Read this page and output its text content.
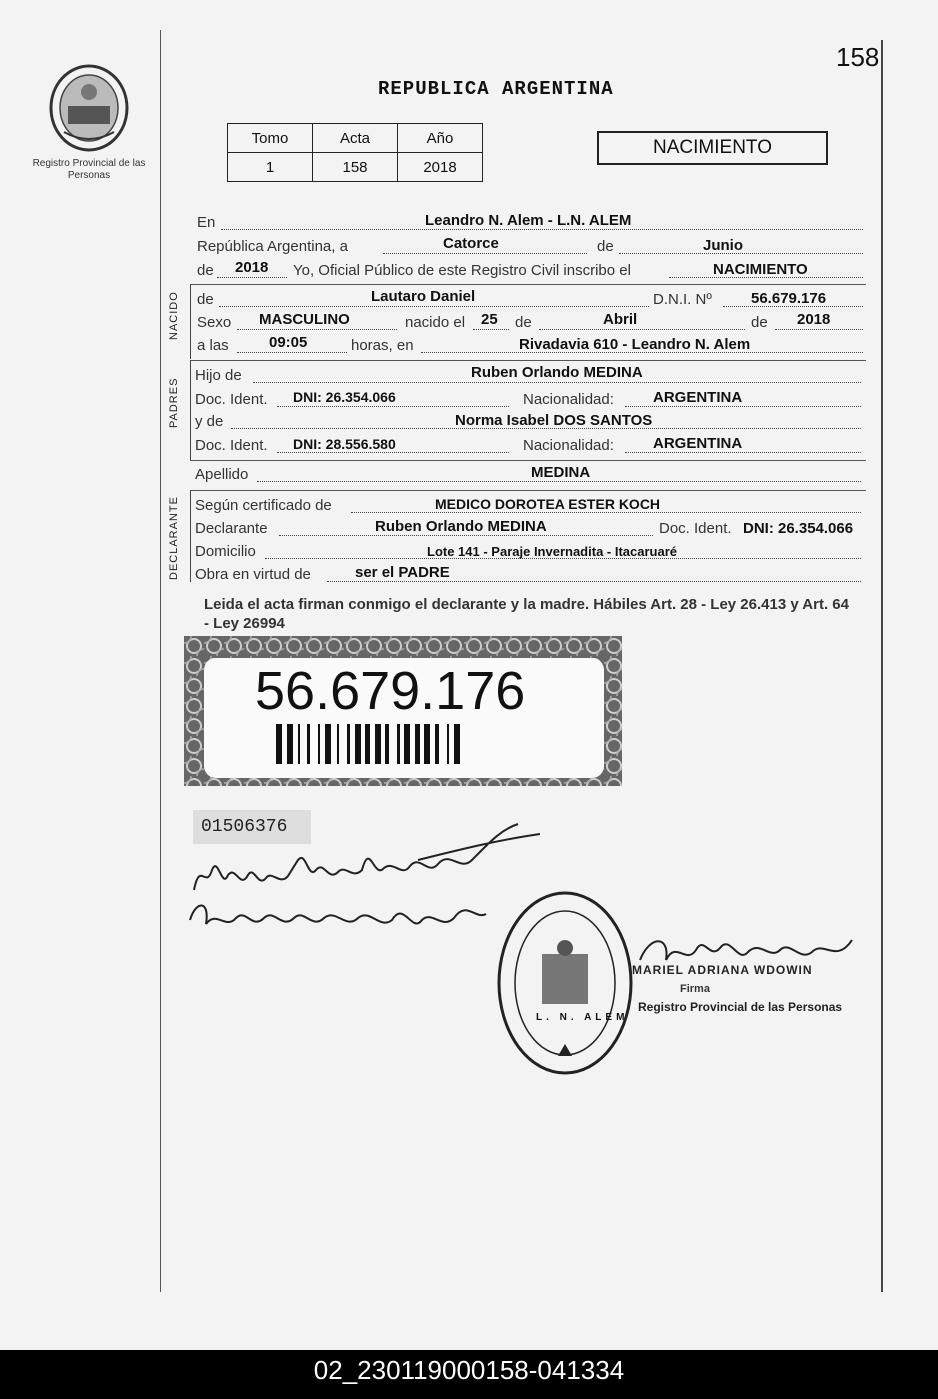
158
REPUBLICA ARGENTINA
Registro Provincial de las Personas
Tomo	Acta	Año
1	158	2018
NACIMIENTO
En	Leandro N. Alem - L.N. ALEM
República Argentina, a	Catorce	de	Junio
de 2018 Yo, Oficial Público de este Registro Civil inscribo el	NACIMIENTO
NACIDO de	Lautaro Daniel	D.N.I. Nº	56.679.176
Sexo MASCULINO	nacido el 25 de	Abril	de 2018
a las	09:05	horas, en	Rivadavia 610 - Leandro N. Alem
PADRES
Hijo de	Ruben Orlando MEDINA
Doc. Ident. DNI: 26.354.066	Nacionalidad:	ARGENTINA
y de	Norma Isabel DOS SANTOS
Doc. Ident. DNI: 28.556.580	Nacionalidad:	ARGENTINA
Apellido	MEDINA
DECLARANTE Según certificado de	MEDICO DOROTEA ESTER KOCH
Declarante	Ruben Orlando MEDINA	Doc. Ident. DNI: 26.354.066
Domicilio	Lote 141 - Paraje Invernadita - Itacaruaré
Obra en virtud de	ser el PADRE
Leida el acta firman conmigo el declarante y la madre. Hábiles Art. 28 - Ley 26.413 y Art. 64 - Ley 26994
56.679.176
01506376
L. N. ALEM
MARIEL ADRIANA WDOWIN
Firma
Registro Provincial de las Personas
02_230119000158-041334
